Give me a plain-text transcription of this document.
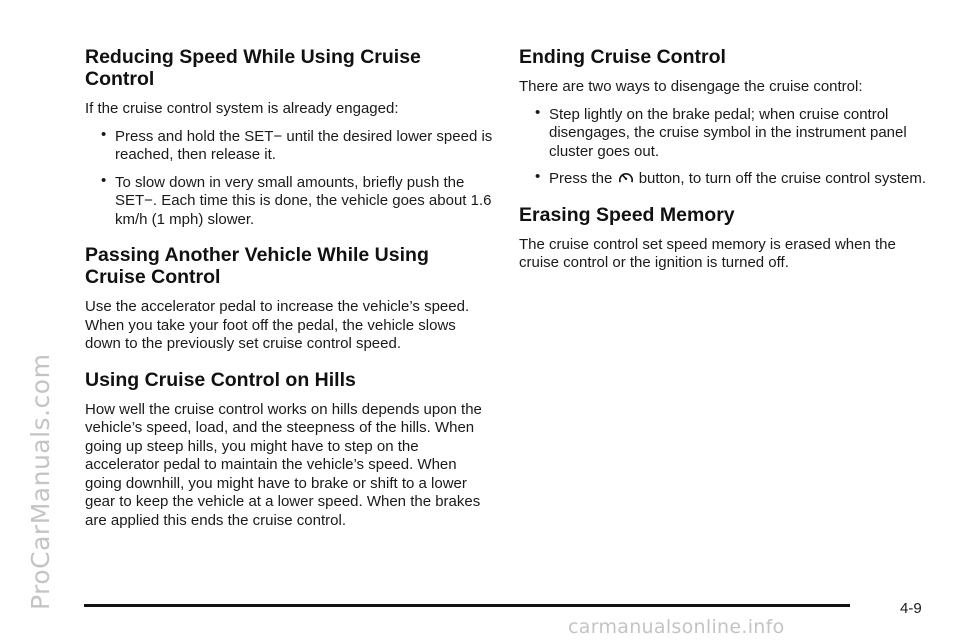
ProCarManuals.com
Reducing Speed While Using Cruise Control

If the cruise control system is already engaged:

• Press and hold the SET− until the desired lower speed is reached, then release it.
• To slow down in very small amounts, briefly push the SET−. Each time this is done, the vehicle goes about 1.6 km/h (1 mph) slower.
Passing Another Vehicle While Using Cruise Control

Use the accelerator pedal to increase the vehicle’s speed. When you take your foot off the pedal, the vehicle slows down to the previously set cruise control speed.

Using Cruise Control on Hills

How well the cruise control works on hills depends upon the vehicle’s speed, load, and the steepness of the hills. When going up steep hills, you might have to step on the accelerator pedal to maintain the vehicle’s speed. When going downhill, you might have to brake or shift to a lower gear to keep the vehicle at a lower speed. When the brakes are applied this ends the cruise control.

Ending Cruise Control

There are two ways to disengage the cruise control:

• Step lightly on the brake pedal; when cruise control disengages, the cruise symbol in the instrument panel cluster goes out.
• Press the  button, to turn off the cruise control system.
Erasing Speed Memory

The cruise control set speed memory is erased when the cruise control or the ignition is turned off.

4-9
carmanualsonline.info
